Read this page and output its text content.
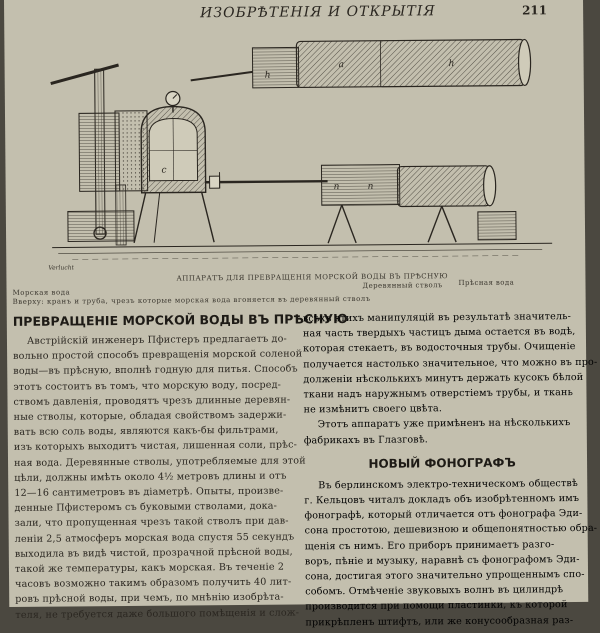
ИЗОБРѢТЕНІЯ И ОТКРЫТІЯ	211
h
a	h
n	n
c
Verlucht
АППАРАТЪ ДЛЯ ПРЕВРАЩЕНІЯ МОРСКОЙ ВОДЫ ВЪ ПРѢСНУЮ
Морская вода
Деревянный стволъ Прѣсная вода
Вверху: кранъ и труба, чрезъ которые морская вода вгоняется въ деревянный стволъ
ПРЕВРАЩЕНІЕ МОРСКОЙ ВОДЫ ВЪ ПРѢСНУЮ

Австрійскій инженеръ Пфистеръ предлагаетъ до-
вольно простой способъ превращенія морской соленой
воды—въ прѣсную, вполнѣ годную для питья. Способъ
этотъ состоитъ въ томъ, что морскую воду, посред-
ствомъ давленія, проводятъ чрезъ длинные деревян-
ные стволы, которые, обладая свойствомъ задержи-
вать всю соль воды, являются какъ-бы фильтрами,
изъ которыхъ выходитъ чистая, лишенная соли, прѣс-
ная вода. Деревянные стволы, употребляемые для этой
цѣли, должны имѣть около 4½ метровъ длины и отъ
12—16 сантиметровъ въ діаметрѣ. Опыты, произве-
денные Пфистеромъ съ буковыми стволами, дока-
зали, что пропущенная чрезъ такой стволъ при дав-
леніи 2,5 атмосферъ морская вода спустя 55 секундъ
выходила въ видѣ чистой, прозрачной прѣсной воды,
такой же температуры, какъ морская. Въ теченіе 2
часовъ возможно такимъ образомъ получить 40 лит-
ровъ прѣсной воды, при чемъ, по мнѣнію изобрѣта-
теля, не требуется даже большого помѣщенія и слож-

всѣхъ этихъ манипуляцій въ результатѣ значитель-
ная часть твердыхъ частицъ дыма остается въ водѣ,
которая стекаетъ, въ водосточныя трубы. Очищеніе
получается настолько значительное, что можно въ про-
долженіи нѣсколькихъ минутъ держать кусокъ бѣлой
ткани надъ наружнымъ отверстіемъ трубы, и ткань
не измѣнитъ своего цвѣта.
Этотъ аппаратъ уже примѣненъ на нѣсколькихъ
фабрикахъ въ Глазговѣ.

НОВЫЙ ФОНОГРАФЪ

Въ берлинскомъ электро-техническомъ обществѣ
г. Кельцовъ читалъ докладъ объ изобрѣтенномъ имъ
фонографѣ, который отличается отъ фонографа Эди-
сона простотою, дешевизною и общепонятностью обра-
щенія съ нимъ. Его приборъ принимаетъ разго-
воръ, пѣніе и музыку, наравнѣ съ фонографомъ Эди-
сона, достигая этого значительно упрощеннымъ спо-
собомъ. Отмѣченіе звуковыхъ волнъ въ цилиндрѣ
производится при помощи пластинки, къ которой
прикрѣпленъ штифтъ, или же конусообразная раз-
